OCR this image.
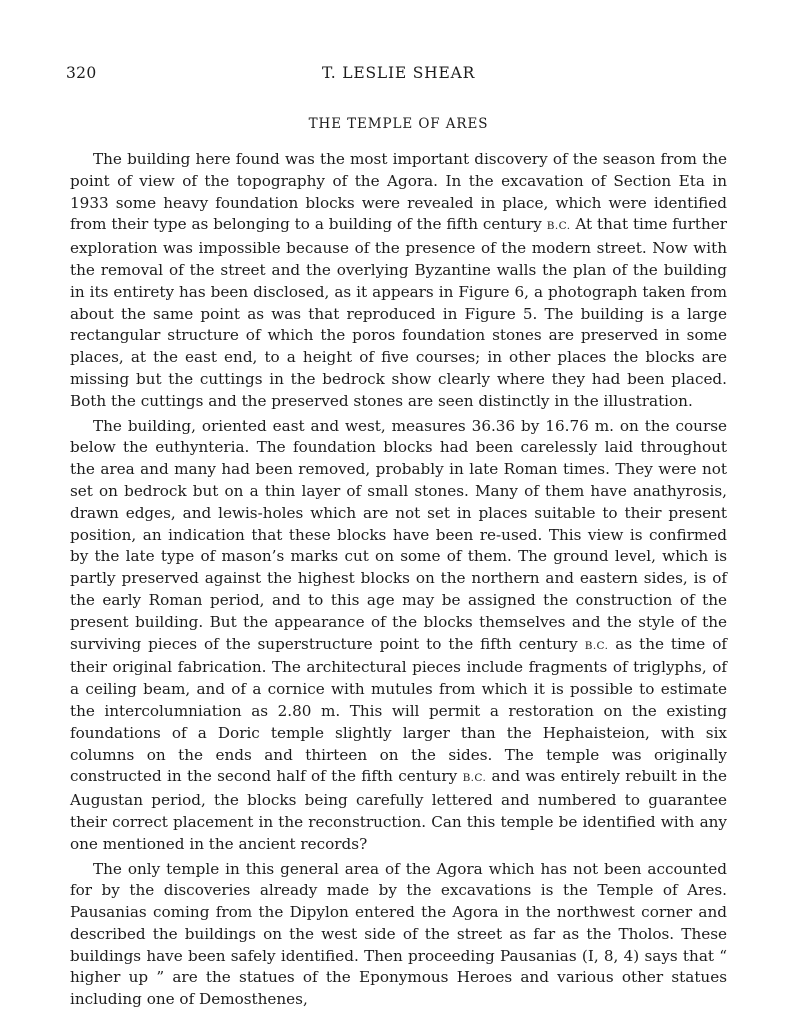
320	T. LESLIE SHEAR
THE TEMPLE OF ARES

The building here found was the most important discovery of the season from the point of view of the topography of the Agora. In the excavation of Section Eta in 1933 some heavy foundation blocks were revealed in place, which were identified from their type as belonging to a building of the fifth century B.C. At that time further exploration was impossible because of the presence of the modern street. Now with the removal of the street and the overlying Byzantine walls the plan of the building in its entirety has been disclosed, as it appears in Figure 6, a photograph taken from about the same point as was that reproduced in Figure 5. The building is a large rectangular structure of which the poros foundation stones are preserved in some places, at the east end, to a height of five courses; in other places the blocks are missing but the cuttings in the bedrock show clearly where they had been placed. Both the cuttings and the preserved stones are seen distinctly in the illustration.

The building, oriented east and west, measures 36.36 by 16.76 m. on the course below the euthynteria. The foundation blocks had been carelessly laid throughout the area and many had been removed, probably in late Roman times. They were not set on bedrock but on a thin layer of small stones. Many of them have anathyrosis, drawn edges, and lewis-holes which are not set in places suitable to their present position, an indication that these blocks have been re-used. This view is confirmed by the late type of mason’s marks cut on some of them. The ground level, which is partly preserved against the highest blocks on the northern and eastern sides, is of the early Roman period, and to this age may be assigned the construction of the present building. But the appearance of the blocks themselves and the style of the surviving pieces of the superstructure point to the fifth century B.C. as the time of their original fabrication. The architectural pieces include fragments of triglyphs, of a ceiling beam, and of a cornice with mutules from which it is possible to estimate the intercolumniation as 2.80 m. This will permit a restoration on the existing foundations of a Doric temple slightly larger than the Hephaisteion, with six columns on the ends and thirteen on the sides. The temple was originally constructed in the second half of the fifth century B.C. and was entirely rebuilt in the Augustan period, the blocks being carefully lettered and numbered to guarantee their correct placement in the reconstruction. Can this temple be identified with any one mentioned in the ancient records?

The only temple in this general area of the Agora which has not been accounted for by the discoveries already made by the excavations is the Temple of Ares. Pausanias coming from the Dipylon entered the Agora in the northwest corner and described the buildings on the west side of the street as far as the Tholos. These buildings have been safely identified. Then proceeding Pausanias (I, 8, 4) says that “ higher up ” are the statues of the Eponymous Heroes and various other statues including one of Demosthenes,
